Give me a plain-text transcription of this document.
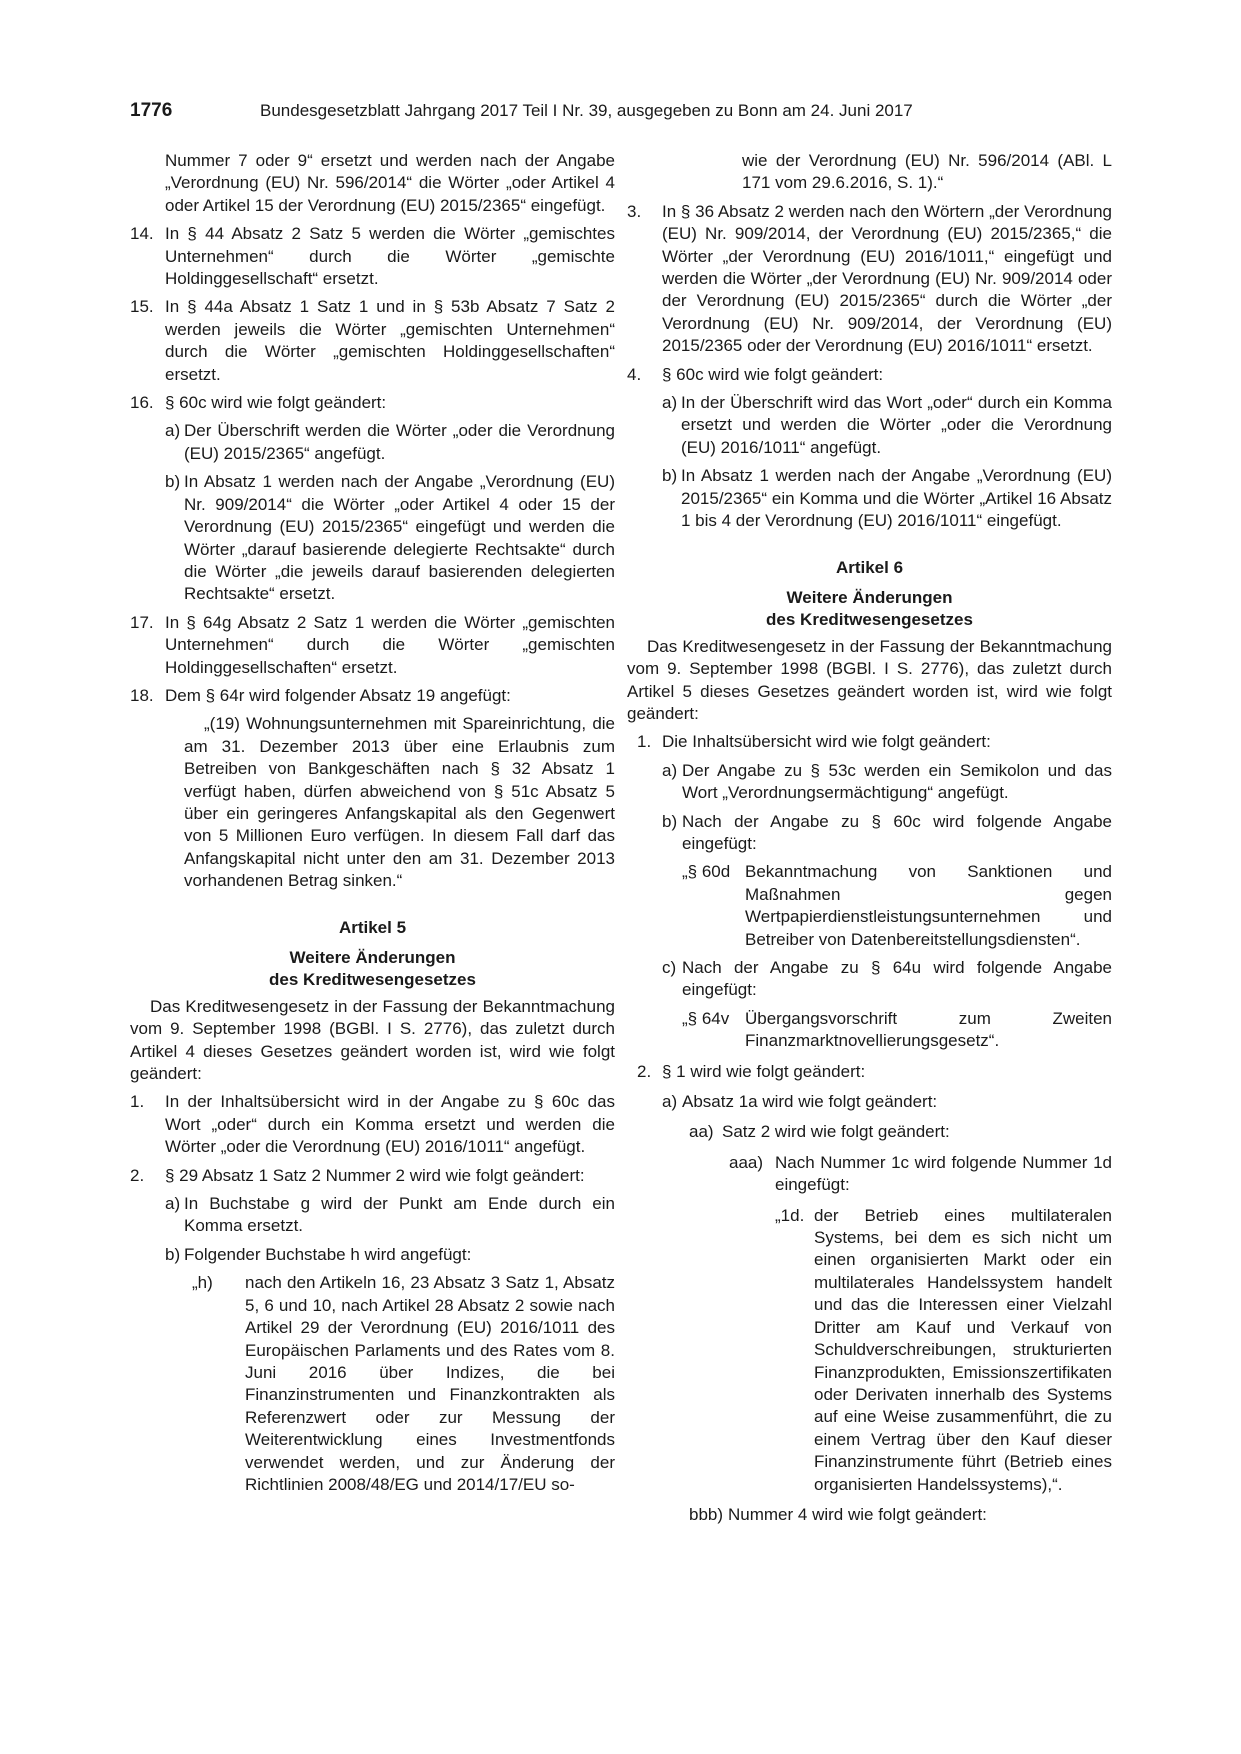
1776	Bundesgesetzblatt Jahrgang 2017 Teil I Nr. 39, ausgegeben zu Bonn am 24. Juni 2017
Nummer 7 oder 9“ ersetzt und werden nach der Angabe „Verordnung (EU) Nr. 596/2014“ die Wörter „oder Artikel 4 oder Artikel 15 der Verordnung (EU) 2015/2365“ eingefügt.
14. In § 44 Absatz 2 Satz 5 werden die Wörter „gemischtes Unternehmen“ durch die Wörter „gemischte Holdinggesellschaft“ ersetzt.
15. In § 44a Absatz 1 Satz 1 und in § 53b Absatz 7 Satz 2 werden jeweils die Wörter „gemischten Unternehmen“ durch die Wörter „gemischten Holdinggesellschaften“ ersetzt.
16. § 60c wird wie folgt geändert:
a) Der Überschrift werden die Wörter „oder die Verordnung (EU) 2015/2365“ angefügt.
b) In Absatz 1 werden nach der Angabe „Verordnung (EU) Nr. 909/2014“ die Wörter „oder Artikel 4 oder 15 der Verordnung (EU) 2015/2365“ eingefügt und werden die Wörter „darauf basierende delegierte Rechtsakte“ durch die Wörter „die jeweils darauf basierenden delegierten Rechtsakte“ ersetzt.
17. In § 64g Absatz 2 Satz 1 werden die Wörter „gemischten Unternehmen“ durch die Wörter „gemischten Holdinggesellschaften“ ersetzt.
18. Dem § 64r wird folgender Absatz 19 angefügt:
„(19) Wohnungsunternehmen mit Spareinrichtung, die am 31. Dezember 2013 über eine Erlaubnis zum Betreiben von Bankgeschäften nach § 32 Absatz 1 verfügt haben, dürfen abweichend von § 51c Absatz 5 über ein geringeres Anfangskapital als den Gegenwert von 5 Millionen Euro verfügen. In diesem Fall darf das Anfangskapital nicht unter den am 31. Dezember 2013 vorhandenen Betrag sinken.“
Artikel 5
Weitere Änderungen
des Kreditwesengesetzes
Das Kreditwesengesetz in der Fassung der Bekanntmachung vom 9. September 1998 (BGBl. I S. 2776), das zuletzt durch Artikel 4 dieses Gesetzes geändert worden ist, wird wie folgt geändert:
1. In der Inhaltsübersicht wird in der Angabe zu § 60c das Wort „oder“ durch ein Komma ersetzt und werden die Wörter „oder die Verordnung (EU) 2016/1011“ angefügt.
2. § 29 Absatz 1 Satz 2 Nummer 2 wird wie folgt geändert:
a) In Buchstabe g wird der Punkt am Ende durch ein Komma ersetzt.
b) Folgender Buchstabe h wird angefügt:
„h) nach den Artikeln 16, 23 Absatz 3 Satz 1, Absatz 5, 6 und 10, nach Artikel 28 Absatz 2 sowie nach Artikel 29 der Verordnung (EU) 2016/1011 des Europäischen Parlaments und des Rates vom 8. Juni 2016 über Indizes, die bei Finanzinstrumenten und Finanzkontrakten als Referenzwert oder zur Messung der Weiterentwicklung eines Investmentfonds verwendet werden, und zur Änderung der Richtlinien 2008/48/EG und 2014/17/EU so-
wie der Verordnung (EU) Nr. 596/2014 (ABl. L 171 vom 29.6.2016, S. 1).“
3. In § 36 Absatz 2 werden nach den Wörtern „der Verordnung (EU) Nr. 909/2014, der Verordnung (EU) 2015/2365,“ die Wörter „der Verordnung (EU) 2016/1011,“ eingefügt und werden die Wörter „der Verordnung (EU) Nr. 909/2014 oder der Verordnung (EU) 2015/2365“ durch die Wörter „der Verordnung (EU) Nr. 909/2014, der Verordnung (EU) 2015/2365 oder der Verordnung (EU) 2016/1011“ ersetzt.
4. § 60c wird wie folgt geändert:
a) In der Überschrift wird das Wort „oder“ durch ein Komma ersetzt und werden die Wörter „oder die Verordnung (EU) 2016/1011“ angefügt.
b) In Absatz 1 werden nach der Angabe „Verordnung (EU) 2015/2365“ ein Komma und die Wörter „Artikel 16 Absatz 1 bis 4 der Verordnung (EU) 2016/1011“ eingefügt.
Artikel 6
Weitere Änderungen
des Kreditwesengesetzes
Das Kreditwesengesetz in der Fassung der Bekanntmachung vom 9. September 1998 (BGBl. I S. 2776), das zuletzt durch Artikel 5 dieses Gesetzes geändert worden ist, wird wie folgt geändert:
1. Die Inhaltsübersicht wird wie folgt geändert:
a) Der Angabe zu § 53c werden ein Semikolon und das Wort „Verordnungsermächtigung“ angefügt.
b) Nach der Angabe zu § 60c wird folgende Angabe eingefügt:
„§ 60d Bekanntmachung von Sanktionen und Maßnahmen gegen Wertpapierdienstleistungsunternehmen und Betreiber von Datenbereitstellungsdiensten“.
c) Nach der Angabe zu § 64u wird folgende Angabe eingefügt:
„§ 64v Übergangsvorschrift zum Zweiten Finanzmarktnovellierungsgesetz“.
2. § 1 wird wie folgt geändert:
a) Absatz 1a wird wie folgt geändert:
aa) Satz 2 wird wie folgt geändert:
aaa) Nach Nummer 1c wird folgende Nummer 1d eingefügt:
„1d. der Betrieb eines multilateralen Systems, bei dem es sich nicht um einen organisierten Markt oder ein multilaterales Handelssystem handelt und das die Interessen einer Vielzahl Dritter am Kauf und Verkauf von Schuldverschreibungen, strukturierten Finanzprodukten, Emissionszertifikaten oder Derivaten innerhalb des Systems auf eine Weise zusammenführt, die zu einem Vertrag über den Kauf dieser Finanzinstrumente führt (Betrieb eines organisierten Handelssystems),“.
bbb) Nummer 4 wird wie folgt geändert:
